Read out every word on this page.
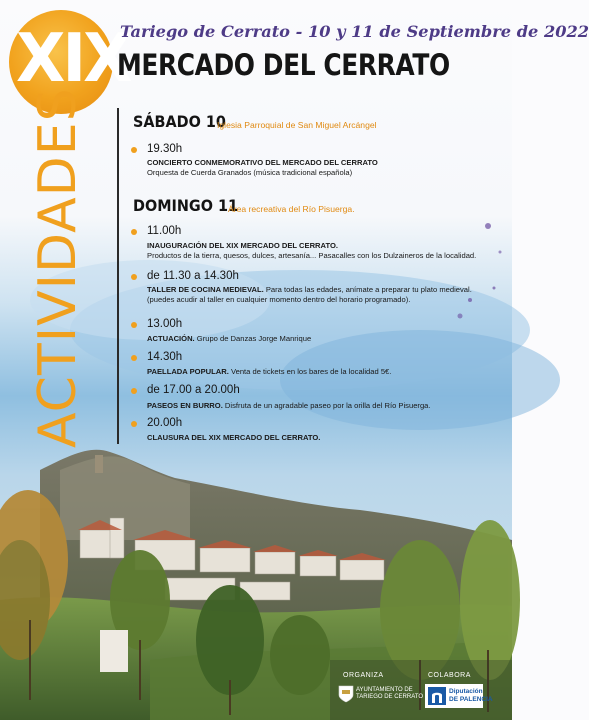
XIX
Tariego de Cerrato - 10 y 11 de Septiembre de 2022
MERCADO DEL CERRATO
ACTIVIDADES	SÁBADO 10
Iglesia Parroquial de San Miguel Arcángel
19.30h
CONCIERTO CONMEMORATIVO DEL MERCADO DEL CERRATO
Orquesta de Cuerda Granados (música tradicional española)
DOMINGO 11
Área recreativa del Río Pisuerga.
11.00h
INAUGURACIÓN DEL XIX MERCADO DEL CERRATO.
Productos de la tierra, quesos, dulces, artesanía... Pasacalles con los Dulzaineros de la localidad.
de 11.30 a 14.30h
TALLER DE COCINA MEDIEVAL. Para todas las edades, anímate a preparar tu plato medieval.
(puedes acudir al taller en cualquier momento dentro del horario programado).
13.00h
ACTUACIÓN. Grupo de Danzas Jorge Manrique
14.30h
PAELLADA POPULAR. Venta de tickets en los bares de la localidad 5€.
de 17.00 a 20.00h
PASEOS EN BURRO. Disfruta de un agradable paseo por la orilla del Río Pisuerga.
20.00h
CLAUSURA DEL XIX MERCADO DEL CERRATO.
ORGANIZA	COLABORA
AYUNTAMIENTO DE
TARIEGO DE CERRATO
Diputación
DE PALENCIA
